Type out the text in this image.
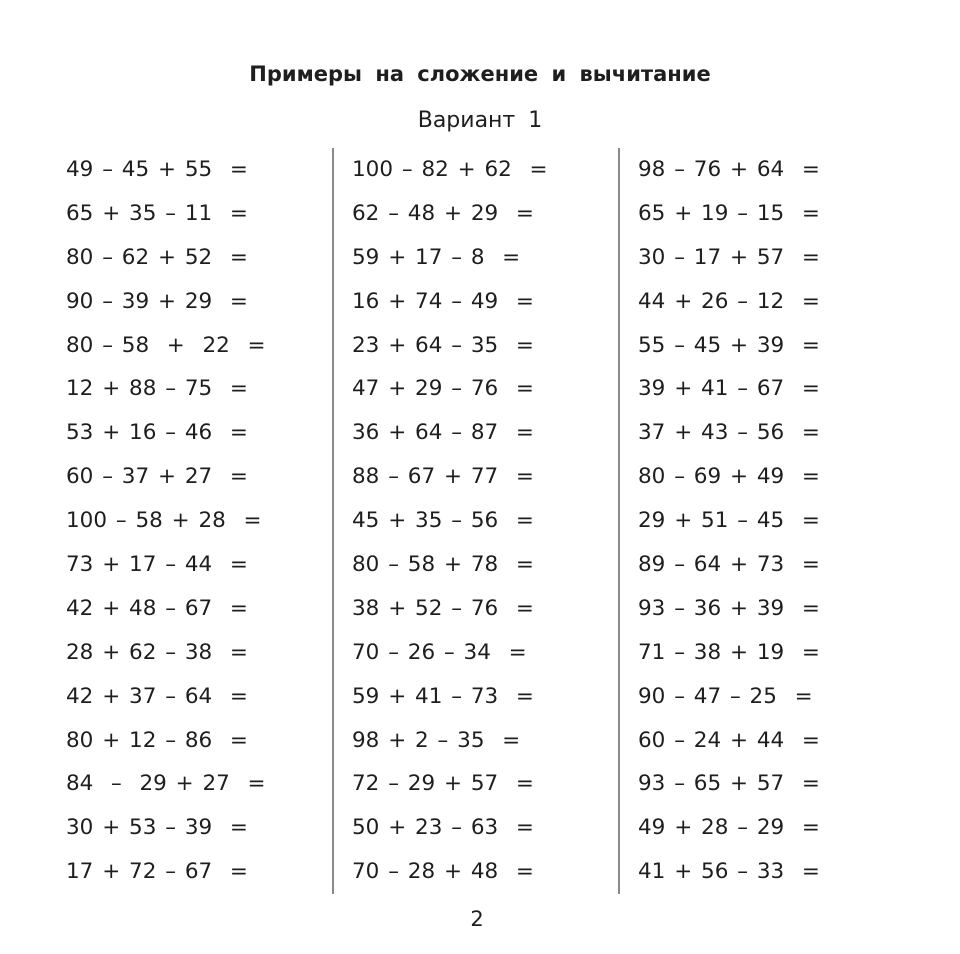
Примеры на сложение и вычитание
Вариант 1
49 – 45 + 55  =
65 + 35 – 11  =
80 – 62 + 52  =
90 – 39 + 29  =
80 – 58  +  22  =
12 + 88 – 75  =
53 + 16 – 46  =
60 – 37 + 27  =
100 – 58 + 28  =
73 + 17 – 44  =
42 + 48 – 67  =
28 + 62 – 38  =
42 + 37 – 64  =
80 + 12 – 86  =
84  –  29 + 27  =
30 + 53 – 39  =
17 + 72 – 67  =
100 – 82 + 62  =
62 – 48 + 29  =
59 + 17 – 8  =
16 + 74 – 49  =
23 + 64 – 35  =
47 + 29 – 76  =
36 + 64 – 87  =
88 – 67 + 77  =
45 + 35 – 56  =
80 – 58 + 78  =
38 + 52 – 76  =
70 – 26 – 34  =
59 + 41 – 73  =
98 + 2 – 35  =
72 – 29 + 57  =
50 + 23 – 63  =
70 – 28 + 48  =
98 – 76 + 64  =
65 + 19 – 15  =
30 – 17 + 57  =
44 + 26 – 12  =
55 – 45 + 39  =
39 + 41 – 67  =
37 + 43 – 56  =
80 – 69 + 49  =
29 + 51 – 45  =
89 – 64 + 73  =
93 – 36 + 39  =
71 – 38 + 19  =
90 – 47 – 25  =
60 – 24 + 44  =
93 – 65 + 57  =
49 + 28 – 29  =
41 + 56 – 33  =
2
